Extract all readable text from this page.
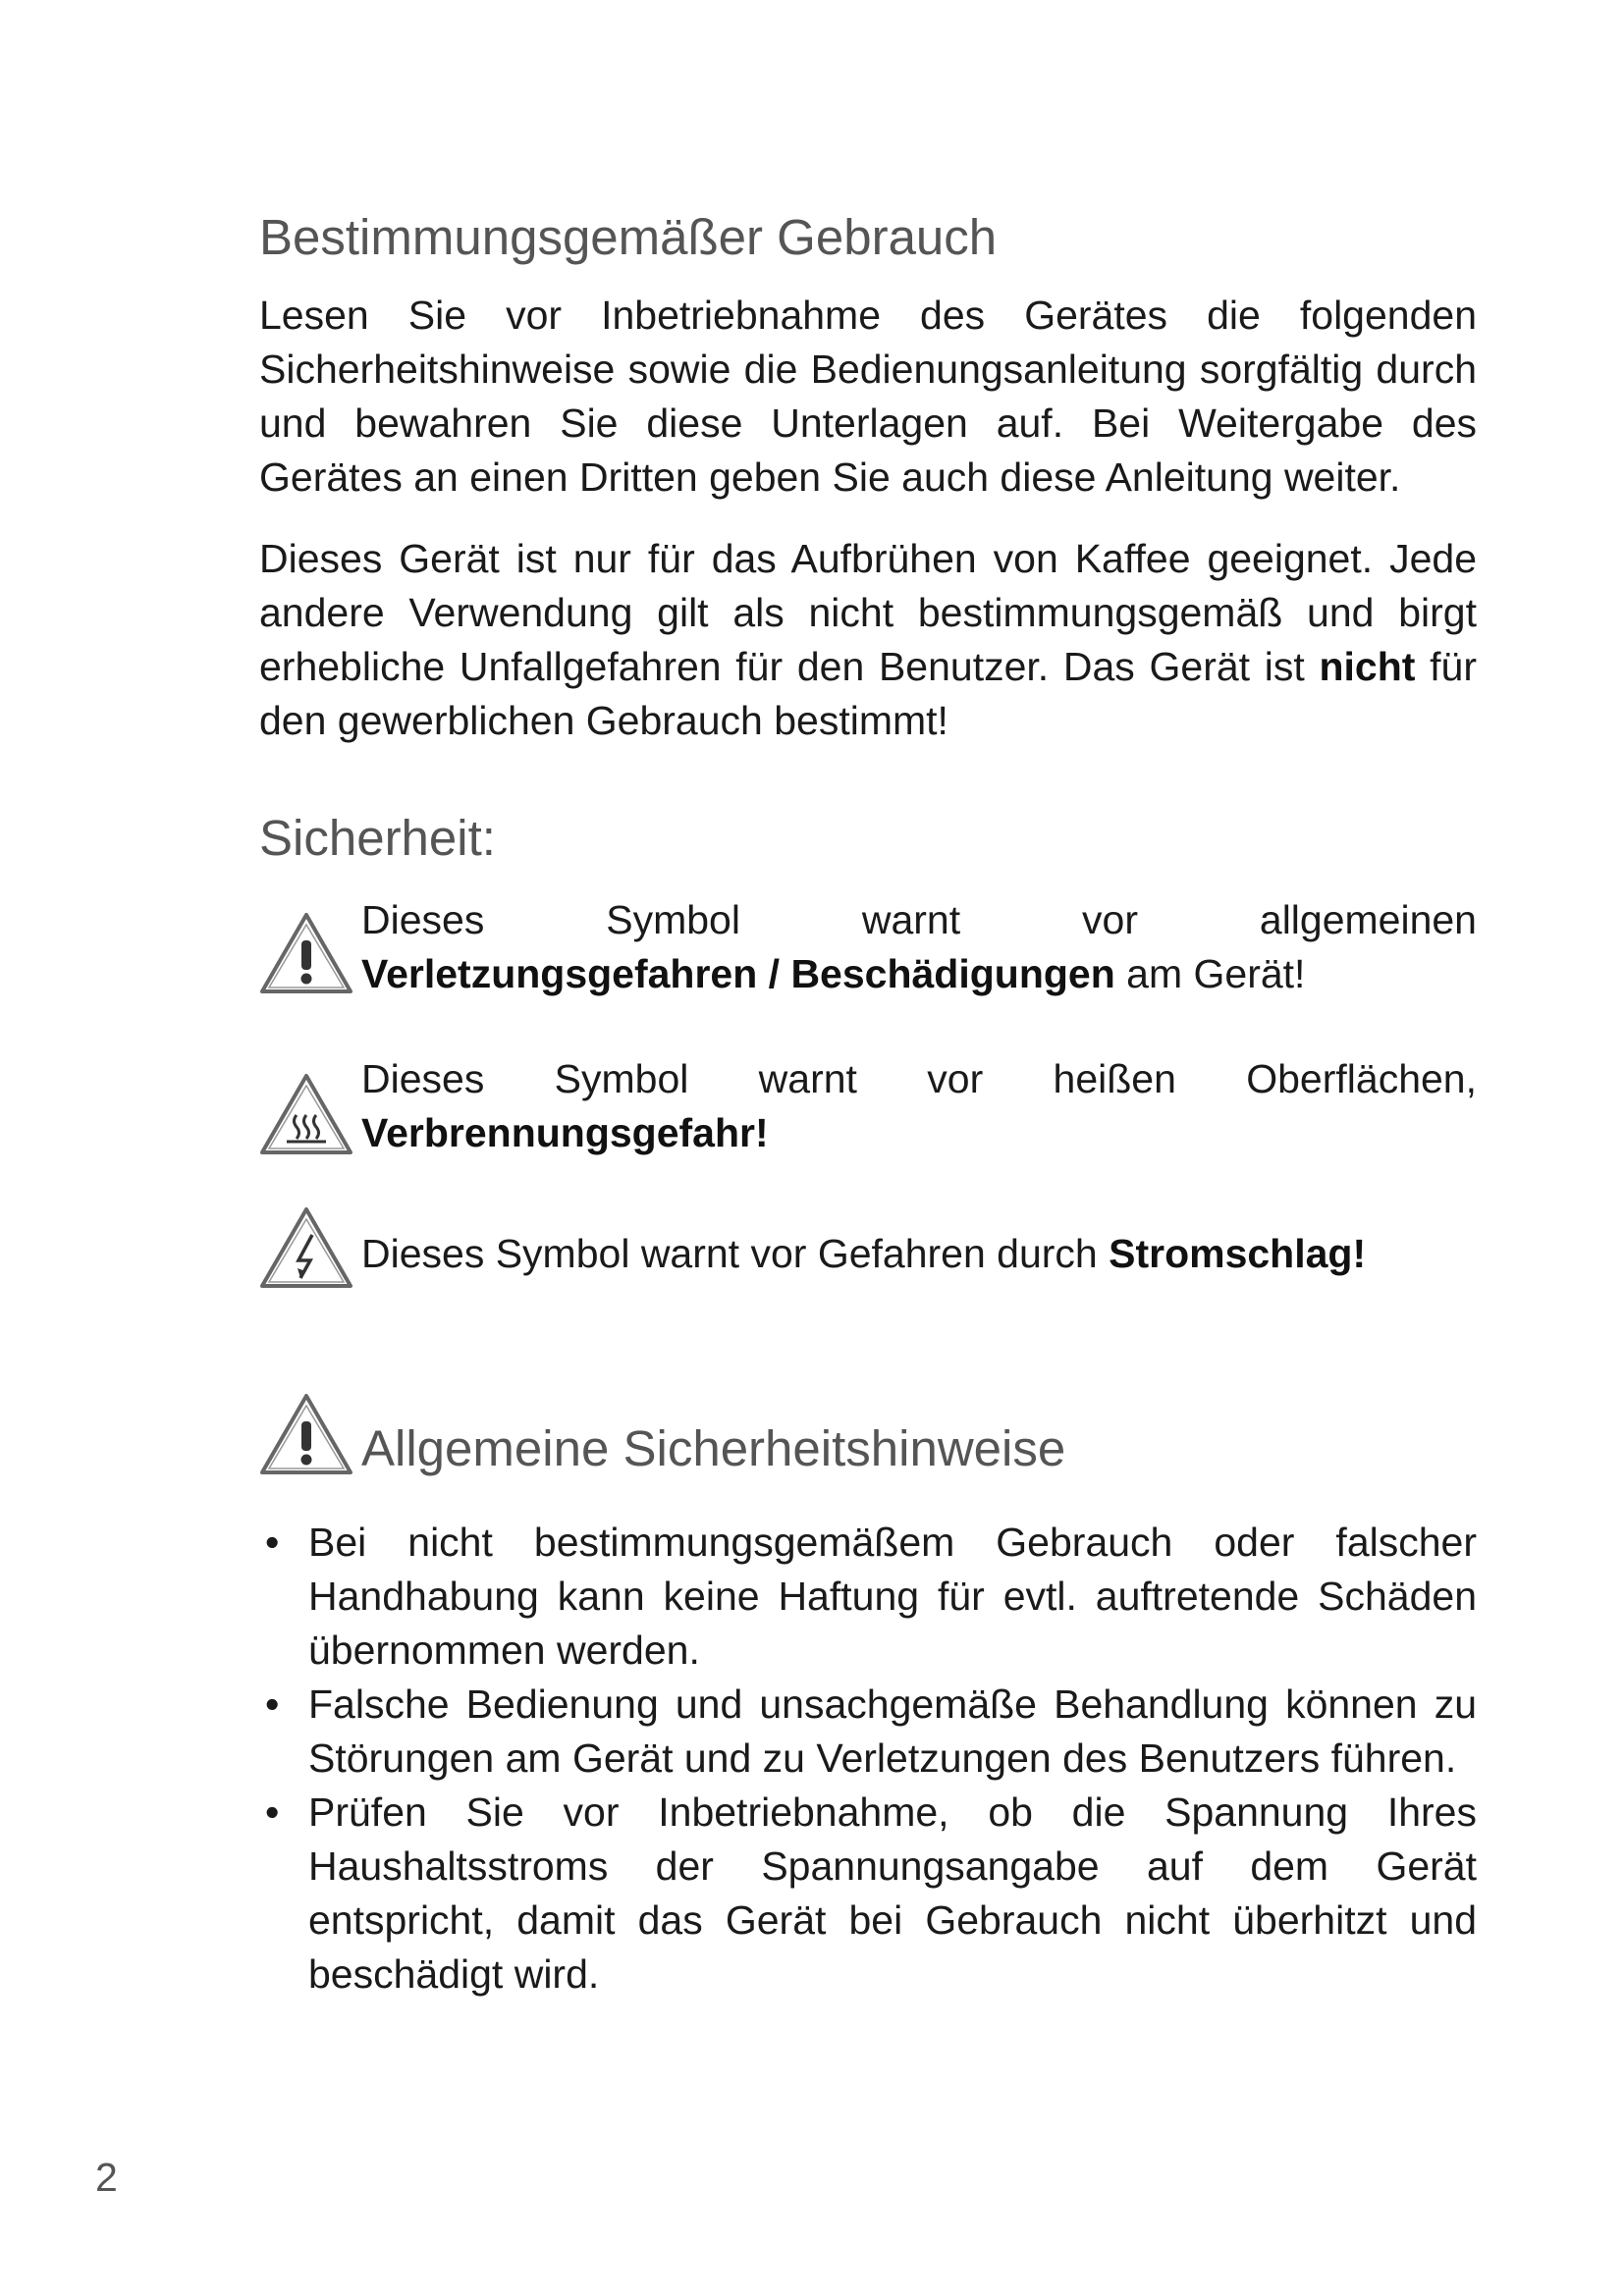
Bestimmungsgemäßer Gebrauch

Lesen Sie vor Inbetriebnahme des Gerätes die folgenden Sicherheitshinweise sowie die Bedienungsanleitung sorgfältig durch und bewahren Sie diese Unterlagen auf. Bei Weitergabe des Gerätes an einen Dritten geben Sie auch diese Anleitung weiter.

Dieses Gerät ist nur für das Aufbrühen von Kaffee geeignet. Jede andere Verwendung gilt als nicht bestimmungsgemäß und birgt erhebliche Unfallgefahren für den Benutzer. Das Gerät ist nicht für den gewerblichen Gebrauch bestimmt!

Sicherheit:
Dieses Symbol warnt vor allgemeinen
Verletzungsgefahren / Beschädigungen am Gerät!
Dieses Symbol warnt vor heißen Oberflächen,
Verbrennungsgefahr!
Dieses Symbol warnt vor Gefahren durch Stromschlag!
Allgemeine Sicherheitshinweise
• Bei nicht bestimmungsgemäßem Gebrauch oder falscher Handhabung kann keine Haftung für evtl. auftretende Schäden übernommen werden.
• Falsche Bedienung und unsachgemäße Behandlung können zu Störungen am Gerät und zu Verletzungen des Benutzers führen.
• Prüfen Sie vor Inbetriebnahme, ob die Spannung Ihres Haushaltsstroms der Spannungsangabe auf dem Gerät entspricht, damit das Gerät bei Gebrauch nicht überhitzt und beschädigt wird.
2
